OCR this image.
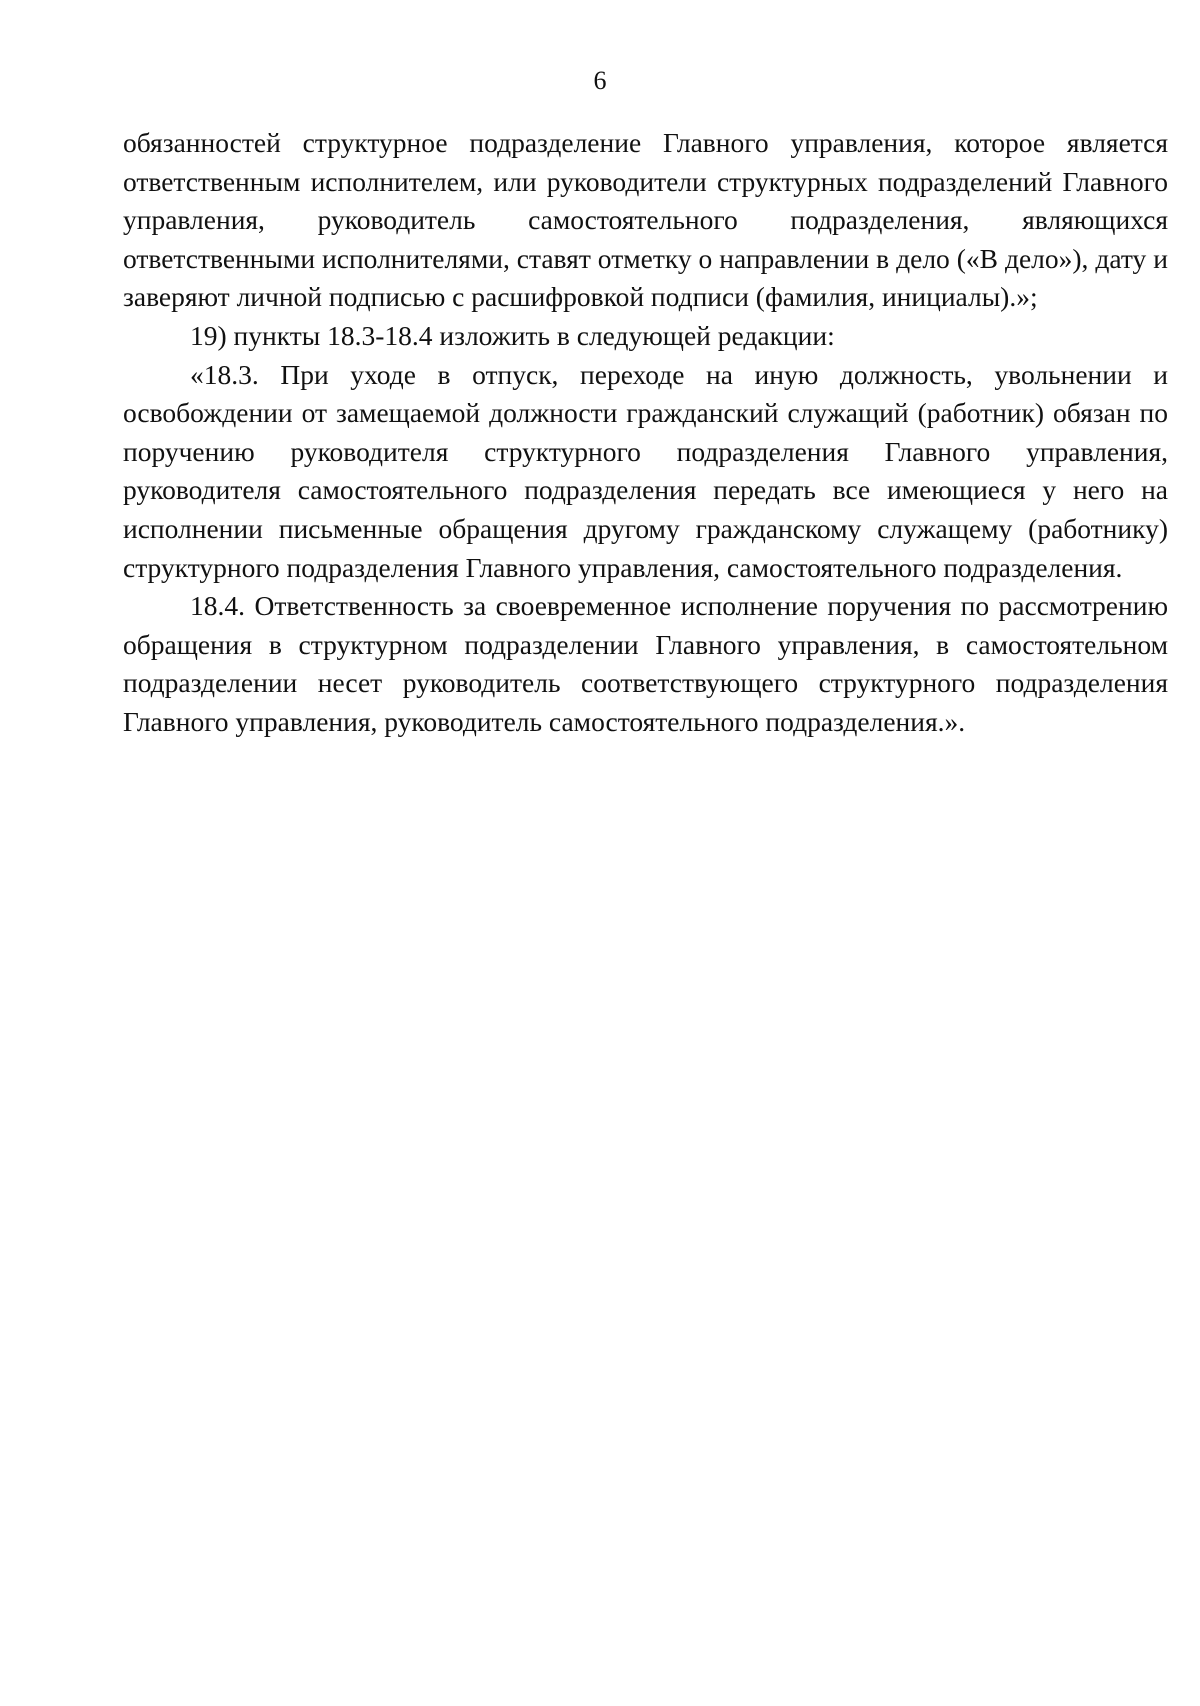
6

обязанностей структурное подразделение Главного управления, которое является ответственным исполнителем, или руководители структурных подразделений Главного управления, руководитель самостоятельного подразделения, являющихся ответственными исполнителями, ставят отметку о направлении в дело («В дело»), дату и заверяют личной подписью с расшифровкой подписи (фамилия, инициалы).»;

19) пункты 18.3-18.4 изложить в следующей редакции:

«18.3. При уходе в отпуск, переходе на иную должность, увольнении и освобождении от замещаемой должности гражданский служащий (работник) обязан по поручению руководителя структурного подразделения Главного управления, руководителя самостоятельного подразделения передать все имеющиеся у него на исполнении письменные обращения другому гражданскому служащему (работнику) структурного подразделения Главного управления, самостоятельного подразделения.

18.4. Ответственность за своевременное исполнение поручения по рассмотрению обращения в структурном подразделении Главного управления, в самостоятельном подразделении несет руководитель соответствующего структурного подразделения Главного управления, руководитель самостоятельного подразделения.».
